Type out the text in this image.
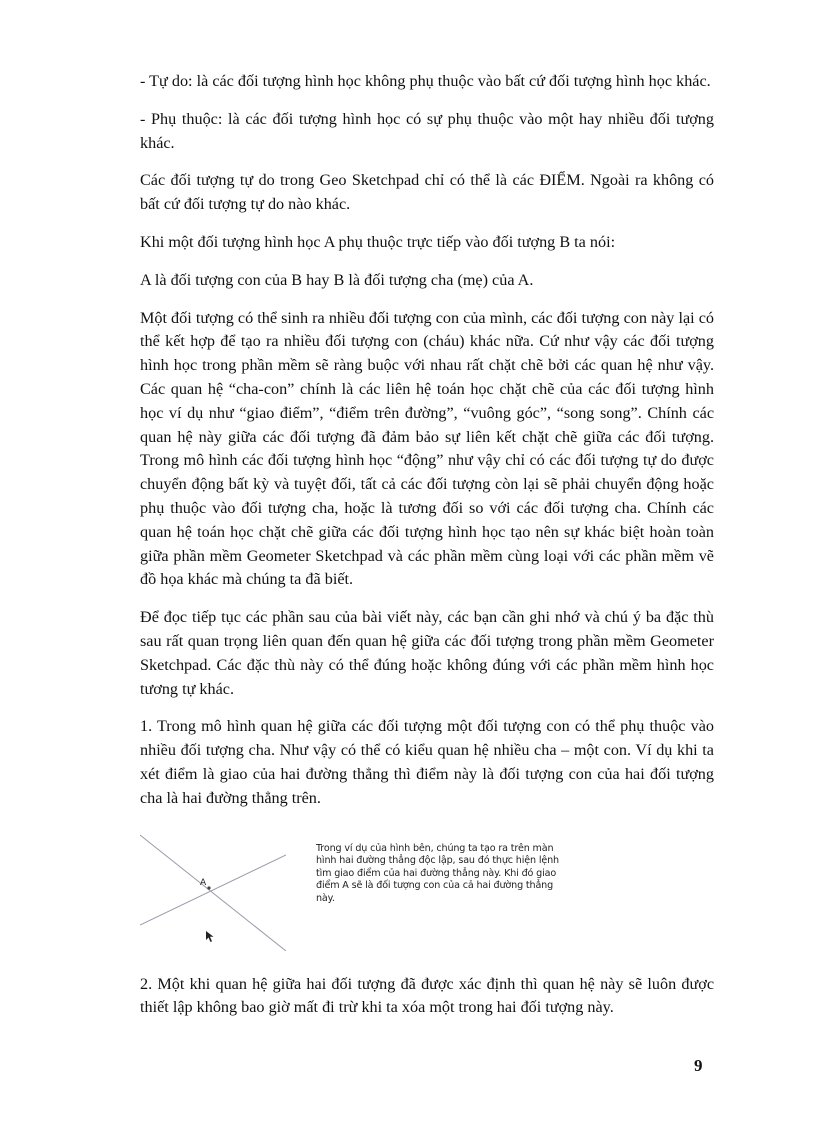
- Tự do: là các đối tượng hình học không phụ thuộc vào bất cứ đối tượng hình học khác.

- Phụ thuộc: là các đối tượng hình học có sự phụ thuộc vào một hay nhiều đối tượng khác.

Các đối tượng tự do trong Geo Sketchpad chỉ có thể là các ĐIỂM. Ngoài ra không có bất cứ đối tượng tự do nào khác.

Khi một đối tượng hình học A phụ thuộc trực tiếp vào đối tượng B ta nói:

A là đối tượng con của B hay B là đối tượng cha (mẹ) của A.

Một đối tượng có thể sinh ra nhiều đối tượng con của mình, các đối tượng con này lại có thể kết hợp để tạo ra nhiều đối tượng con (cháu) khác nữa. Cứ như vậy các đối tượng hình học trong phần mềm sẽ ràng buộc với nhau rất chặt chẽ bởi các quan hệ như vậy. Các quan hệ “cha-con” chính là các liên hệ toán học chặt chẽ của các đối tượng hình học ví dụ như “giao điểm”, “điểm trên đường”, “vuông góc”, “song song”. Chính các quan hệ này giữa các đối tượng đã đảm bảo sự liên kết chặt chẽ giữa các đối tượng. Trong mô hình các đối tượng hình học “động” như vậy chỉ có các đối tượng tự do được chuyển động bất kỳ và tuyệt đối, tất cả các đối tượng còn lại sẽ phải chuyển động hoặc phụ thuộc vào đối tượng cha, hoặc là tương đối so với các đối tượng cha. Chính các quan hệ toán học chặt chẽ giữa các đối tượng hình học tạo nên sự khác biệt hoàn toàn giữa phần mềm Geometer Sketchpad và các phần mềm cùng loại với các phần mềm vẽ đồ họa khác mà chúng ta đã biết.

Để đọc tiếp tục các phần sau của bài viết này, các bạn cần ghi nhớ và chú ý ba đặc thù sau rất quan trọng liên quan đến quan hệ giữa các đối tượng trong phần mềm Geometer Sketchpad. Các đặc thù này có thể đúng hoặc không đúng với các phần mềm hình học tương tự khác.

1. Trong mô hình quan hệ giữa các đối tượng một đối tượng con có thể phụ thuộc vào nhiều đối tượng cha. Như vậy có thể có kiểu quan hệ nhiều cha – một con. Ví dụ khi ta xét điểm là giao của hai đường thẳng thì điểm này là đối tượng con của hai đối tượng cha là hai đường thẳng trên.

A
Trong ví dụ của hình bên, chúng ta tạo ra trên màn hình hai đường thẳng độc lập, sau đó thực hiện lệnh tìm giao điểm của hai đường thẳng này. Khi đó giao điểm A sẽ là đối tượng con của cả hai đường thẳng này.

2. Một khi quan hệ giữa hai đối tượng đã được xác định thì quan hệ này sẽ luôn được thiết lập không bao giờ mất đi trừ khi ta xóa một trong hai đối tượng này.

9
